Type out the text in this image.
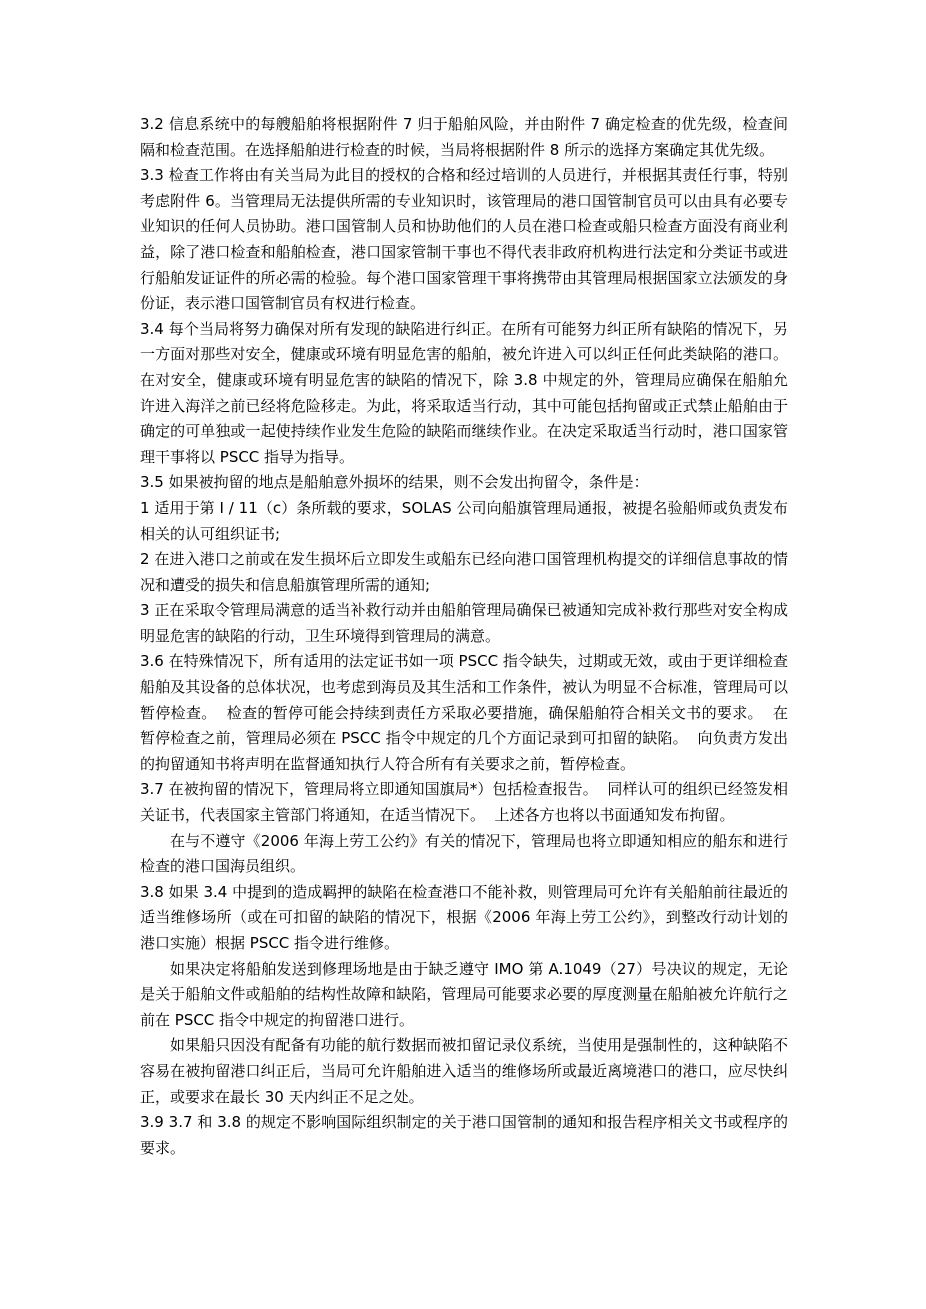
3.2 信息系统中的每艘船舶将根据附件 7 归于船舶风险，并由附件 7 确定检查的优先级，检查间隔和检查范围。在选择船舶进行检查的时候，当局将根据附件 8 所示的选择方案确定其优先级。

3.3 检查工作将由有关当局为此目的授权的合格和经过培训的人员进行，并根据其责任行事，特别考虑附件 6。当管理局无法提供所需的专业知识时，该管理局的港口国管制官员可以由具有必要专业知识的任何人员协助。港口国管制人员和协助他们的人员在港口检查或船只检查方面没有商业利益，除了港口检查和船舶检查，港口国家管制干事也不得代表非政府机构进行法定和分类证书或进行船舶发证证件的所必需的检验。每个港口国家管理干事将携带由其管理局根据国家立法颁发的身份证，表示港口国管制官员有权进行检查。

3.4 每个当局将努力确保对所有发现的缺陷进行纠正。在所有可能努力纠正所有缺陷的情况下，另一方面对那些对安全，健康或环境有明显危害的船舶，被允许进入可以纠正任何此类缺陷的港口。在对安全，健康或环境有明显危害的缺陷的情况下，除 3.8 中规定的外，管理局应确保在船舶允许进入海洋之前已经将危险移走。为此，将采取适当行动，其中可能包括拘留或正式禁止船舶由于确定的可单独或一起使持续作业发生危险的缺陷而继续作业。在决定采取适当行动时，港口国家管理干事将以 PSCC 指导为指导。

3.5 如果被拘留的地点是船舶意外损坏的结果，则不会发出拘留令，条件是：

1 适用于第 I / 11（c）条所载的要求，SOLAS 公司向船旗管理局通报，被提名验船师或负责发布相关的认可组织证书;

2 在进入港口之前或在发生损坏后立即发生或船东已经向港口国管理机构提交的详细信息事故的情况和遭受的损失和信息船旗管理所需的通知;

3 正在采取令管理局满意的适当补救行动并由船舶管理局确保已被通知完成补救行那些对安全构成明显危害的缺陷的行动，卫生环境得到管理局的满意。

3.6 在特殊情况下，所有适用的法定证书如一项 PSCC 指令缺失，过期或无效，或由于更详细检查船舶及其设备的总体状况，也考虑到海员及其生活和工作条件，被认为明显不合标准，管理局可以暂停检查。  检查的暂停可能会持续到责任方采取必要措施，确保船舶符合相关文书的要求。  在暂停检查之前，管理局必须在 PSCC 指令中规定的几个方面记录到可扣留的缺陷。  向负责方发出的拘留通知书将声明在监督通知执行人符合所有有关要求之前，暂停检查。

3.7 在被拘留的情况下，管理局将立即通知国旗局*）包括检查报告。  同样认可的组织已经签发相关证书，代表国家主管部门将通知，在适当情况下。  上述各方也将以书面通知发布拘留。

在与不遵守《2006 年海上劳工公约》有关的情况下，管理局也将立即通知相应的船东和进行检查的港口国海员组织。

3.8 如果 3.4 中提到的造成羁押的缺陷在检查港口不能补救，则管理局可允许有关船舶前往最近的适当维修场所（或在可扣留的缺陷的情况下，根据《2006 年海上劳工公约》，到整改行动计划的港口实施）根据 PSCC 指令进行维修。

如果决定将船舶发送到修理场地是由于缺乏遵守 IMO 第 A.1049（27）号决议的规定，无论是关于船舶文件或船舶的结构性故障和缺陷，管理局可能要求必要的厚度测量在船舶被允许航行之前在 PSCC 指令中规定的拘留港口进行。

如果船只因没有配备有功能的航行数据而被扣留记录仪系统，当使用是强制性的，这种缺陷不容易在被拘留港口纠正后，当局可允许船舶进入适当的维修场所或最近离境港口的港口，应尽快纠正，或要求在最长 30 天内纠正不足之处。

3.9 3.7 和 3.8 的规定不影响国际组织制定的关于港口国管制的通知和报告程序相关文书或程序的要求。
